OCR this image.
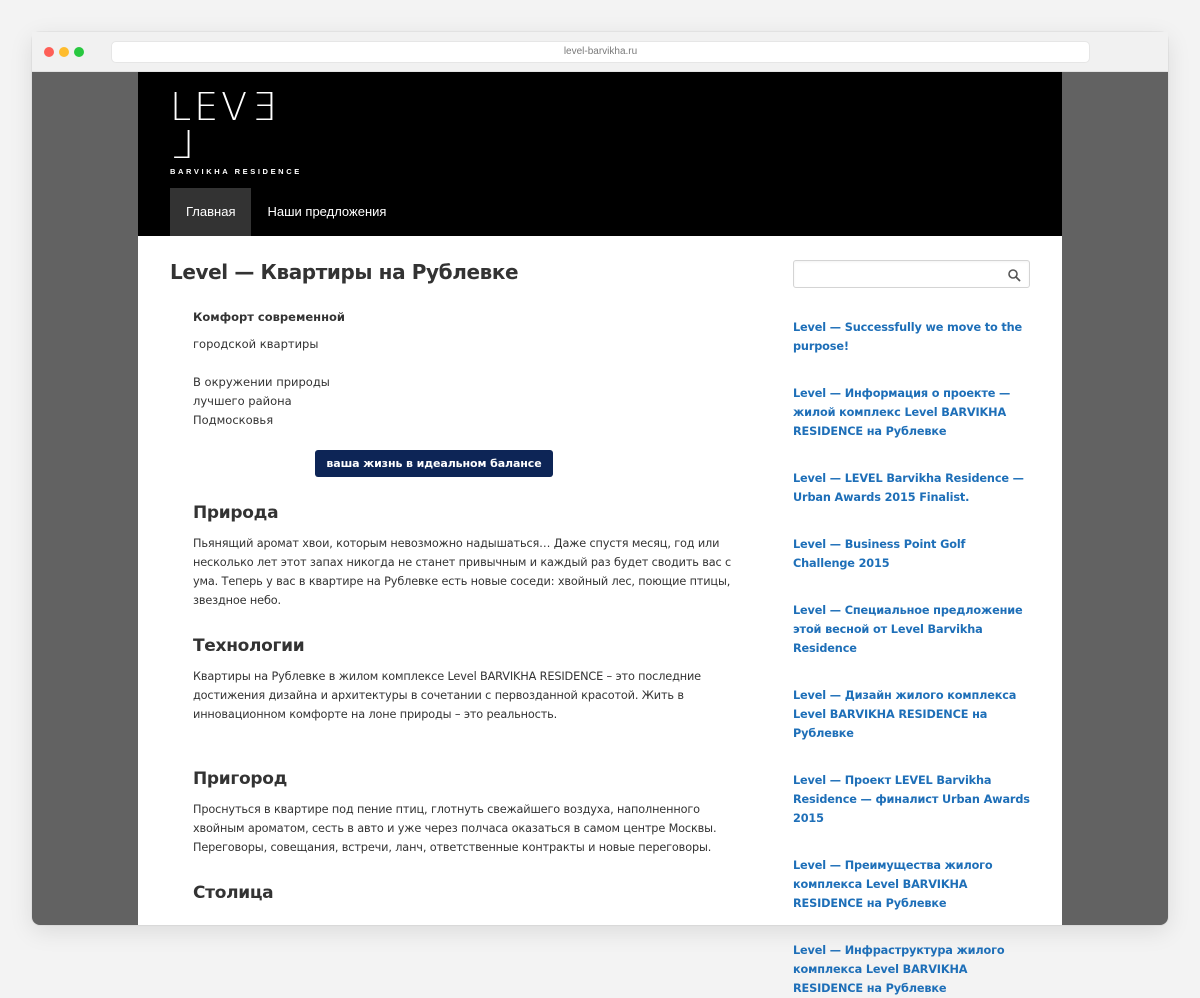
level-barvikha.ru
LEVEL
BARVIKHA RESIDENCE
Главная	Наши предложения
Level — Квартиры на Рублевке

Комфорт современной

городской квартиры

В окружении природы

лучшего района

Подмосковья

ваша жизнь в идеальном балансе
Природа

Пьянящий аромат хвои, которым невозможно надышаться… Даже спустя месяц, год или несколько лет этот запах никогда не станет привычным и каждый раз будет сводить вас с ума. Теперь у вас в квартире на Рублевке есть новые соседи: хвойный лес, поющие птицы, звездное небо.

Технологии

Квартиры на Рублевке в жилом комплексе Level BARVIKHA RESIDENCE – это последние достижения дизайна и архитектуры в сочетании с первозданной красотой. Жить в инновационном комфорте на лоне природы – это реальность.

Пригород

Проснуться в квартире под пение птиц, глотнуть свежайшего воздуха, наполненного хвойным ароматом, сесть в авто и уже через полчаса оказаться в самом центре Москвы. Переговоры, совещания, встречи, ланч, ответственные контракты и новые переговоры.

Столица
Level — Successfully we move to the purpose!
Level — Информация о проекте — жилой комплекс Level BARVIKHA RESIDENCE на Рублевке
Level — LEVEL Barvikha Residence — Urban Awards 2015 Finalist.
Level — Business Point Golf Challenge 2015
Level — Специальное предложение этой весной от Level Barvikha Residence
Level — Дизайн жилого комплекса Level BARVIKHA RESIDENCE на Рублевке
Level — Проект LEVEL Barvikha Residence — финалист Urban Awards 2015
Level — Преимущества жилого комплекса Level BARVIKHA RESIDENCE на Рублевке
Level — Инфраструктура жилого комплекса Level BARVIKHA RESIDENCE на Рублевке
